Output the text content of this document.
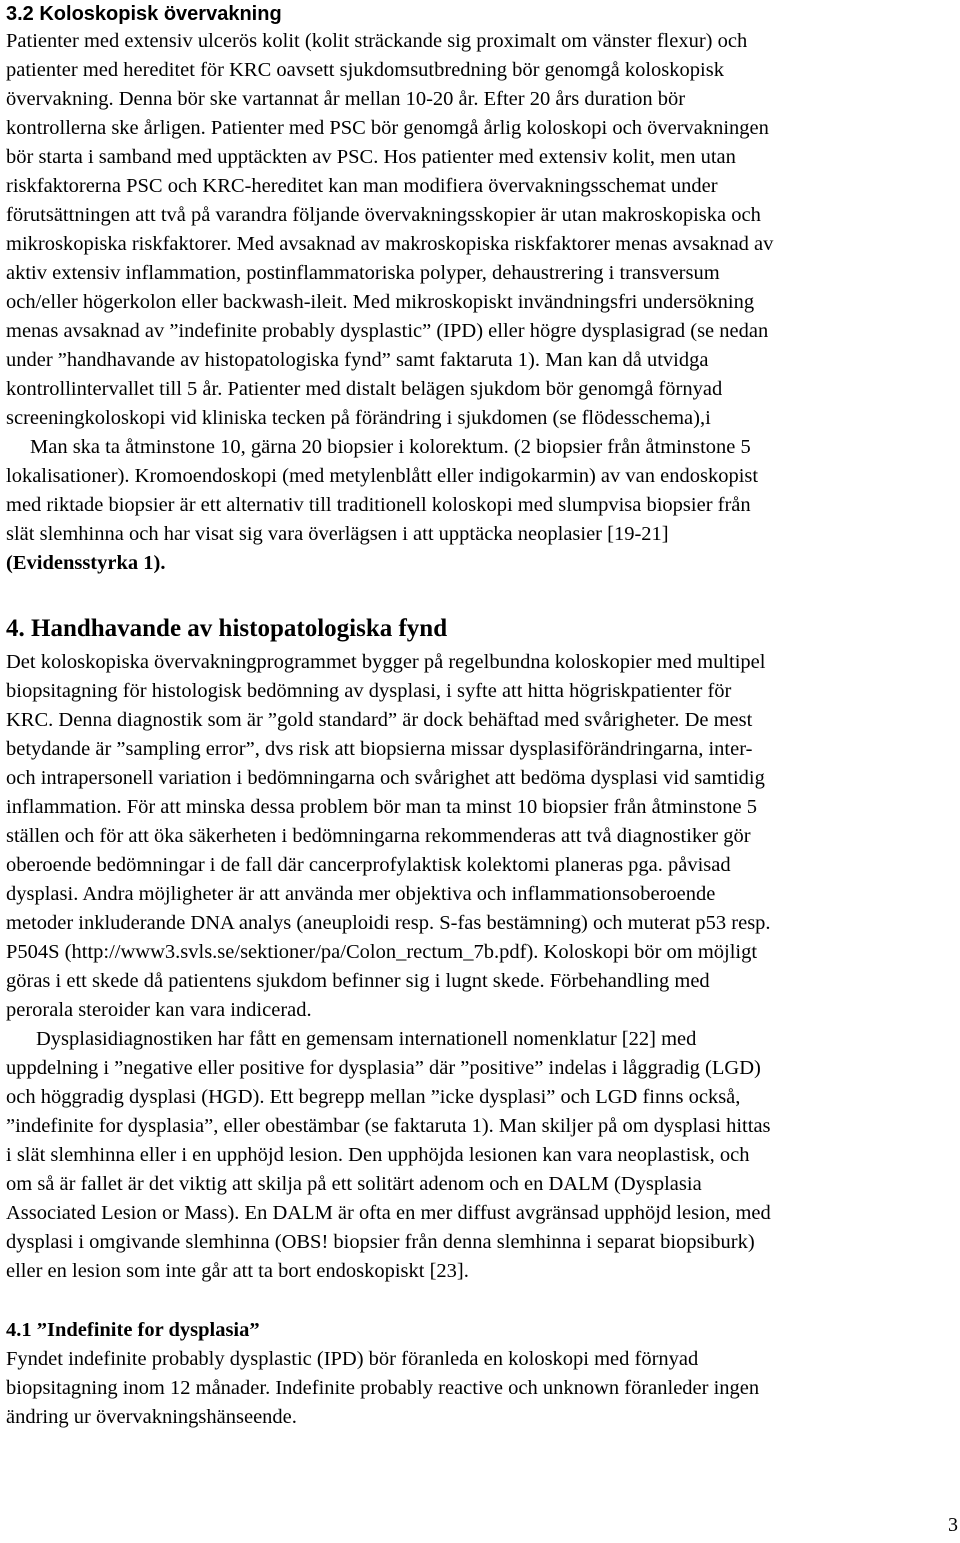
3.2 Koloskopisk övervakning
Patienter med extensiv ulcerös kolit (kolit sträckande sig proximalt om vänster flexur) och
patienter med hereditet för KRC oavsett sjukdomsutbredning bör genomgå koloskopisk
övervakning. Denna bör ske vartannat år mellan 10-20 år. Efter 20 års duration bör
kontrollerna ske årligen. Patienter med PSC bör genomgå årlig koloskopi och övervakningen
bör starta i samband med upptäckten av PSC. Hos patienter med extensiv kolit, men utan
riskfaktorerna PSC och KRC-hereditet kan man modifiera övervakningsschemat under
förutsättningen att två på varandra följande övervakningsskopier är utan makroskopiska och
mikroskopiska riskfaktorer. Med avsaknad av makroskopiska riskfaktorer menas avsaknad av
aktiv extensiv inflammation, postinflammatoriska polyper, dehaustrering i transversum
och/eller högerkolon eller backwash-ileit. Med mikroskopiskt invändningsfri undersökning
menas avsaknad av ”indefinite probably dysplastic” (IPD) eller högre dysplasigrad (se nedan
under ”handhavande av histopatologiska fynd” samt faktaruta 1). Man kan då utvidga
kontrollintervallet till 5 år. Patienter med distalt belägen sjukdom bör genomgå förnyad
screeningkoloskopi vid kliniska tecken på förändring i sjukdomen (se flödesschema),i
Man ska ta åtminstone 10, gärna 20 biopsier i kolorektum. (2 biopsier från åtminstone 5
lokalisationer). Kromoendoskopi (med metylenblått eller indigokarmin) av van endoskopist
med riktade biopsier är ett alternativ till traditionell koloskopi med slumpvisa biopsier från
slät slemhinna och har visat sig vara överlägsen i att upptäcka neoplasier [19-21]
(Evidensstyrka 1).
4. Handhavande av histopatologiska fynd
Det koloskopiska övervakningprogrammet bygger på regelbundna koloskopier med multipel
biopsitagning för histologisk bedömning av dysplasi, i syfte att hitta högriskpatienter för
KRC. Denna diagnostik som är ”gold standard” är dock behäftad med svårigheter. De mest
betydande är ”sampling error”, dvs risk att biopsierna missar dysplasiförändringarna, inter-
och intrapersonell variation i bedömningarna och svårighet att bedöma dysplasi vid samtidig
inflammation. För att minska dessa problem bör man ta minst 10 biopsier från åtminstone 5
ställen och för att öka säkerheten i bedömningarna rekommenderas att två diagnostiker gör
oberoende bedömningar i de fall där cancerprofylaktisk kolektomi planeras pga. påvisad
dysplasi. Andra möjligheter är att använda mer objektiva och inflammationsoberoende
metoder inkluderande DNA analys (aneuploidi resp. S-fas bestämning) och muterat p53 resp.
P504S (http://www3.svls.se/sektioner/pa/Colon_rectum_7b.pdf). Koloskopi bör om möjligt
göras i ett skede då patientens sjukdom befinner sig i lugnt skede. Förbehandling med
perorala steroider kan vara indicerad.
Dysplasidiagnostiken har fått en gemensam internationell nomenklatur [22] med
uppdelning i ”negative eller positive for dysplasia” där ”positive” indelas i låggradig (LGD)
och höggradig dysplasi (HGD). Ett begrepp mellan ”icke dysplasi” och LGD finns också,
”indefinite for dysplasia”, eller obestämbar (se faktaruta 1). Man skiljer på om dysplasi hittas
i slät slemhinna eller i en upphöjd lesion. Den upphöjda lesionen kan vara neoplastisk, och
om så är fallet är det viktig att skilja på ett solitärt adenom och en DALM (Dysplasia
Associated Lesion or Mass). En DALM är ofta en mer diffust avgränsad upphöjd lesion, med
dysplasi i omgivande slemhinna (OBS! biopsier från denna slemhinna i separat biopsiburk)
eller en lesion som inte går att ta bort endoskopiskt [23].
4.1 ”Indefinite for dysplasia”
Fyndet indefinite probably dysplastic (IPD) bör föranleda en koloskopi med förnyad
biopsitagning inom 12 månader. Indefinite probably reactive och unknown föranleder ingen
ändring ur övervakningshänseende.
3
